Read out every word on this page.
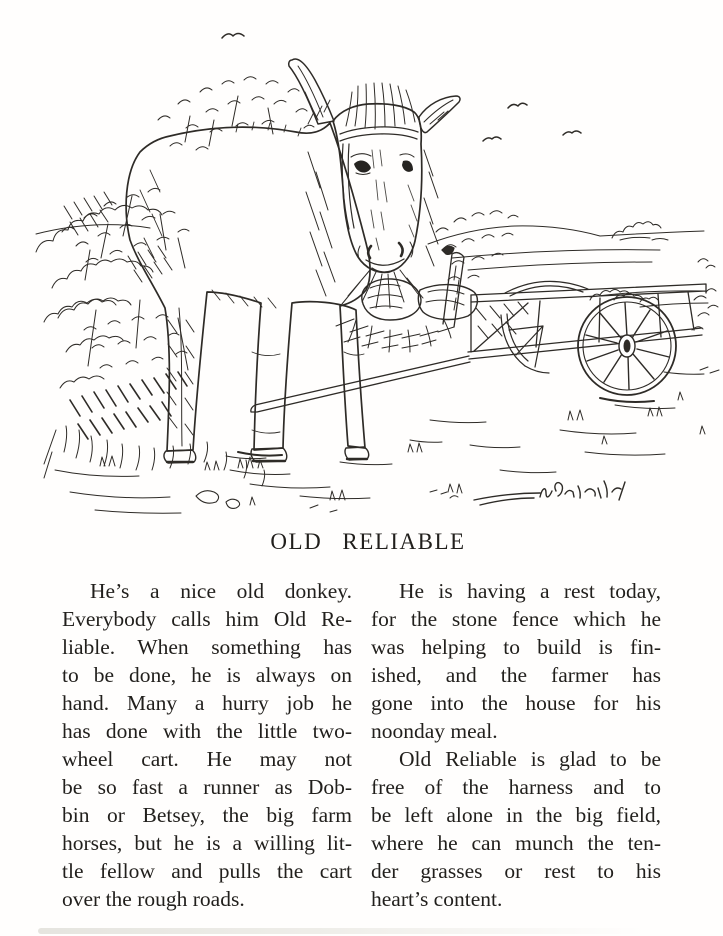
OLD RELIABLE
He’s a nice old donkey.
Everybody calls him Old Re-
liable. When something has
to be done, he is always on
hand. Many a hurry job he
has done with the little two-
wheel cart. He may not
be so fast a runner as Dob-
bin or Betsey, the big farm
horses, but he is a willing lit-
tle fellow and pulls the cart
over the rough roads.
He is having a rest today,
for the stone fence which he
was helping to build is fin-
ished, and the farmer has
gone into the house for his
noonday meal.
Old Reliable is glad to be
free of the harness and to
be left alone in the big field,
where he can munch the ten-
der grasses or rest to his
heart’s content.
